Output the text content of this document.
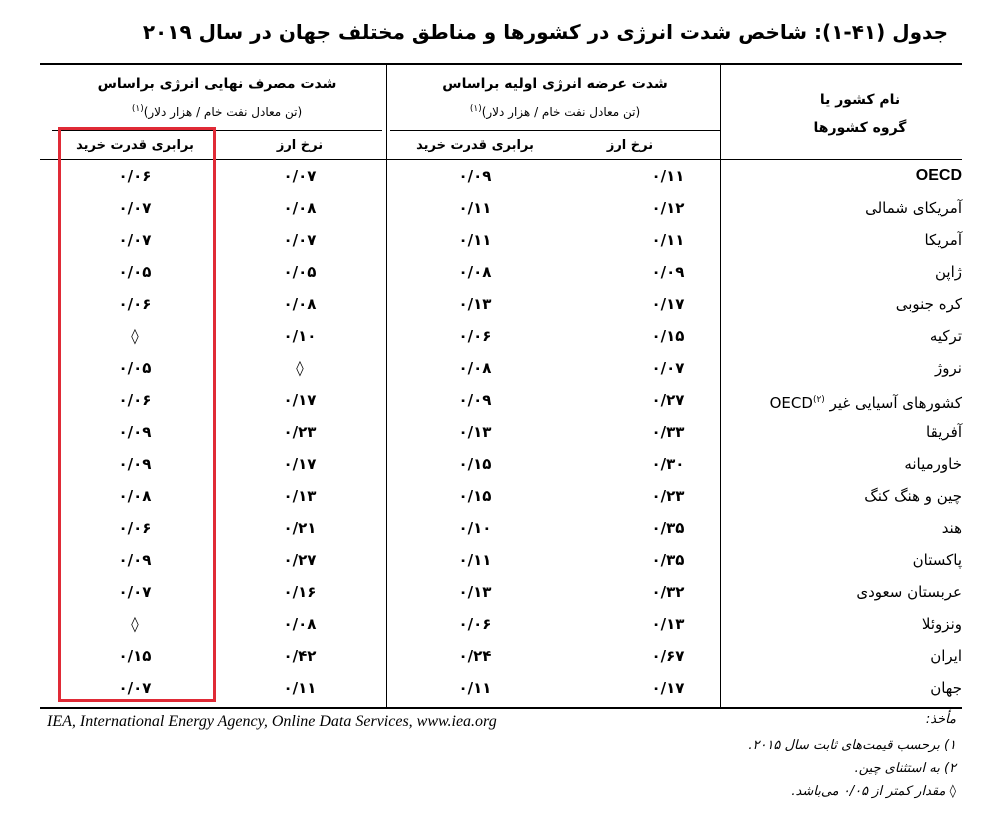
جدول (۴۱-۱): شاخص شدت انرژی در کشورها و مناطق مختلف جهان در سال ۲۰۱۹
نام کشور یا
گروه کشورها
شدت عرضه انرژی اولیه براساس
(تن معادل نفت خام / هزار دلار)$^{(۱)}$
شدت مصرف نهایی انرژی براساس
(تن معادل نفت خام / هزار دلار)$^{(۱)}$
نرخ ارز
برابری قدرت خرید
نرخ ارز
برابری قدرت خرید
OECD
۰/۱۱
۰/۰۹
۰/۰۷
۰/۰۶
آمریکای شمالی
۰/۱۲
۰/۱۱
۰/۰۸
۰/۰۷
آمریکا
۰/۱۱
۰/۱۱
۰/۰۷
۰/۰۷
ژاپن
۰/۰۹
۰/۰۸
۰/۰۵
۰/۰۵
کره جنوبی
۰/۱۷
۰/۱۳
۰/۰۸
۰/۰۶
ترکیه
۰/۱۵
۰/۰۶
۰/۱۰
◊
نروژ
۰/۰۷
۰/۰۸
◊
۰/۰۵
کشورهای آسیایی غیر OECD$^{(۲)}$
۰/۲۷
۰/۰۹
۰/۱۷
۰/۰۶
آفریقا
۰/۳۳
۰/۱۳
۰/۲۳
۰/۰۹
خاورمیانه
۰/۳۰
۰/۱۵
۰/۱۷
۰/۰۹
چین و هنگ کنگ
۰/۲۳
۰/۱۵
۰/۱۳
۰/۰۸
هند
۰/۳۵
۰/۱۰
۰/۲۱
۰/۰۶
پاکستان
۰/۳۵
۰/۱۱
۰/۲۷
۰/۰۹
عربستان سعودی
۰/۳۲
۰/۱۳
۰/۱۶
۰/۰۷
ونزوئلا
۰/۱۳
۰/۰۶
۰/۰۸
◊
ایران
۰/۶۷
۰/۲۴
۰/۴۲
۰/۱۵
جهان
۰/۱۷
۰/۱۱
۰/۱۱
۰/۰۷
IEA, International Energy Agency, Online Data Services, www.iea.org	مأخذ:
۱) برحسب قیمت‌های ثابت سال ۲۰۱۵.
۲) به استثنای چین.
◊ مقدار کمتر از ۰/۰۵ می‌باشد.
